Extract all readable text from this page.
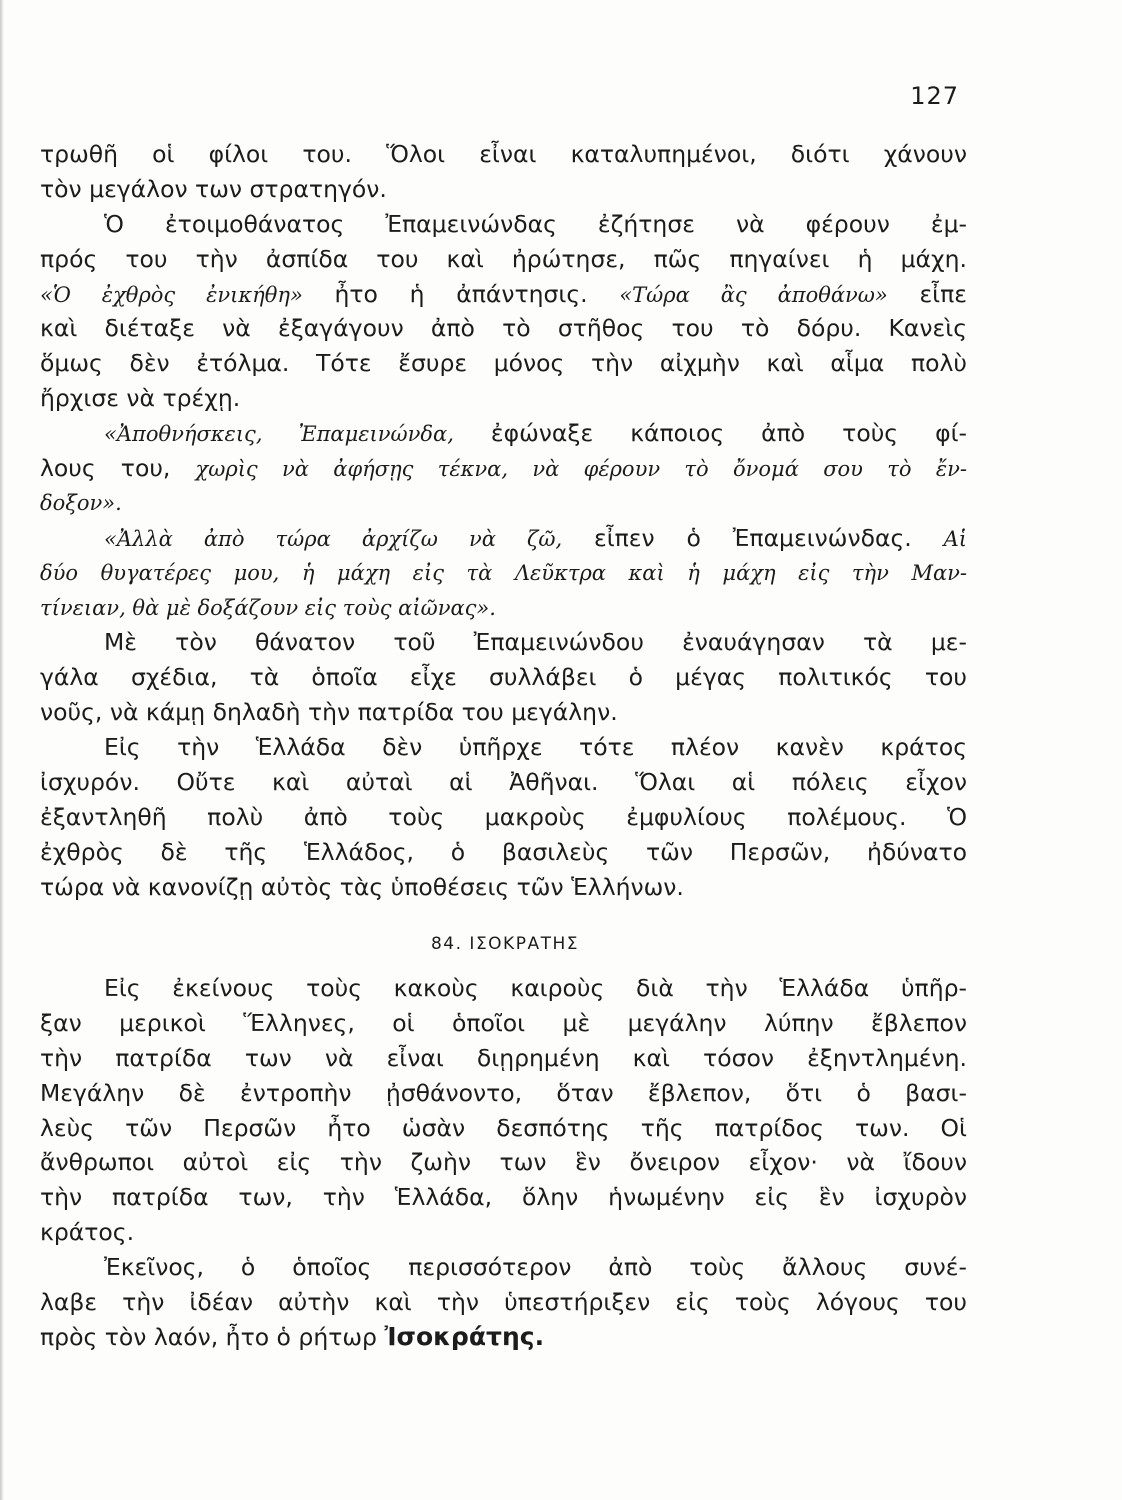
127
τρωθῆ οἱ φίλοι του. Ὅλοι εἶναι καταλυπημένοι, διότι χάνουν
τὸν μεγάλον των στρατηγόν.
Ὁ ἐτοιμοθάνατος Ἐπαμεινώνδας ἐζήτησε νὰ φέρουν ἐμ-
πρός του τὴν ἀσπίδα του καὶ ἠρώτησε, πῶς πηγαίνει ἡ μάχη.
«Ὁ ἐχθρὸς ἐνικήθη» ἦτο ἡ ἀπάντησις. «Τώρα ἂς ἀποθάνω» εἶπε
καὶ διέταξε νὰ ἐξαγάγουν ἀπὸ τὸ στῆθος του τὸ δόρυ. Κανεὶς
ὅμως δὲν ἐτόλμα. Τότε ἔσυρε μόνος τὴν αἰχμὴν καὶ αἷμα πολὺ
ἤρχισε νὰ τρέχῃ.
«Ἀποθνήσκεις, Ἐπαμεινώνδα, ἐφώναξε κάποιος ἀπὸ τοὺς φί-
λους του, χωρὶς νὰ ἀφήσῃς τέκνα, νὰ φέρουν τὸ ὄνομά σου τὸ ἔν-
δοξον».
«Ἀλλὰ ἀπὸ τώρα ἀρχίζω νὰ ζῶ, εἶπεν ὁ Ἐπαμεινώνδας. Αἱ
δύο θυγατέρες μου, ἡ μάχη εἰς τὰ Λεῦκτρα καὶ ἡ μάχη εἰς τὴν Μαν-
τίνειαν, θὰ μὲ δοξάζουν εἰς τοὺς αἰῶνας».
Μὲ τὸν θάνατον τοῦ Ἐπαμεινώνδου ἐναυάγησαν τὰ με-
γάλα σχέδια, τὰ ὁποῖα εἶχε συλλάβει ὁ μέγας πολιτικός του
νοῦς, νὰ κάμῃ δηλαδὴ τὴν πατρίδα του μεγάλην.
Εἰς τὴν Ἑλλάδα δὲν ὑπῆρχε τότε πλέον κανὲν κράτος
ἰσχυρόν. Οὔτε καὶ αὐταὶ αἱ Ἀθῆναι. Ὅλαι αἱ πόλεις εἶχον
ἐξαντληθῆ πολὺ ἀπὸ τοὺς μακροὺς ἐμφυλίους πολέμους. Ὁ
ἐχθρὸς δὲ τῆς Ἑλλάδος, ὁ βασιλεὺς τῶν Περσῶν, ἠδύνατο
τώρα νὰ κανονίζῃ αὐτὸς τὰς ὑποθέσεις τῶν Ἑλλήνων.
84. ΙΣΟΚΡΑΤΗΣ
Εἰς ἐκείνους τοὺς κακοὺς καιροὺς διὰ τὴν Ἑλλάδα ὑπῆρ-
ξαν μερικοὶ Ἕλληνες, οἱ ὁποῖοι μὲ μεγάλην λύπην ἔβλεπον
τὴν πατρίδα των νὰ εἶναι διῃρημένη καὶ τόσον ἐξηντλημένη.
Μεγάλην δὲ ἐντροπὴν ᾐσθάνοντο, ὅταν ἔβλεπον, ὅτι ὁ βασι-
λεὺς τῶν Περσῶν ἦτο ὡσὰν δεσπότης τῆς πατρίδος των. Οἱ
ἄνθρωποι αὐτοὶ εἰς τὴν ζωὴν των ἓν ὄνειρον εἶχον· νὰ ἴδουν
τὴν πατρίδα των, τὴν Ἑλλάδα, ὅλην ἡνωμένην εἰς ἓν ἰσχυρὸν
κράτος.
Ἐκεῖνος, ὁ ὁποῖος περισσότερον ἀπὸ τοὺς ἄλλους συνέ-
λαβε τὴν ἰδέαν αὐτὴν καὶ τὴν ὑπεστήριξεν εἰς τοὺς λόγους του
πρὸς τὸν λαόν, ἦτο ὁ ρήτωρ Ἰσοκράτης.
